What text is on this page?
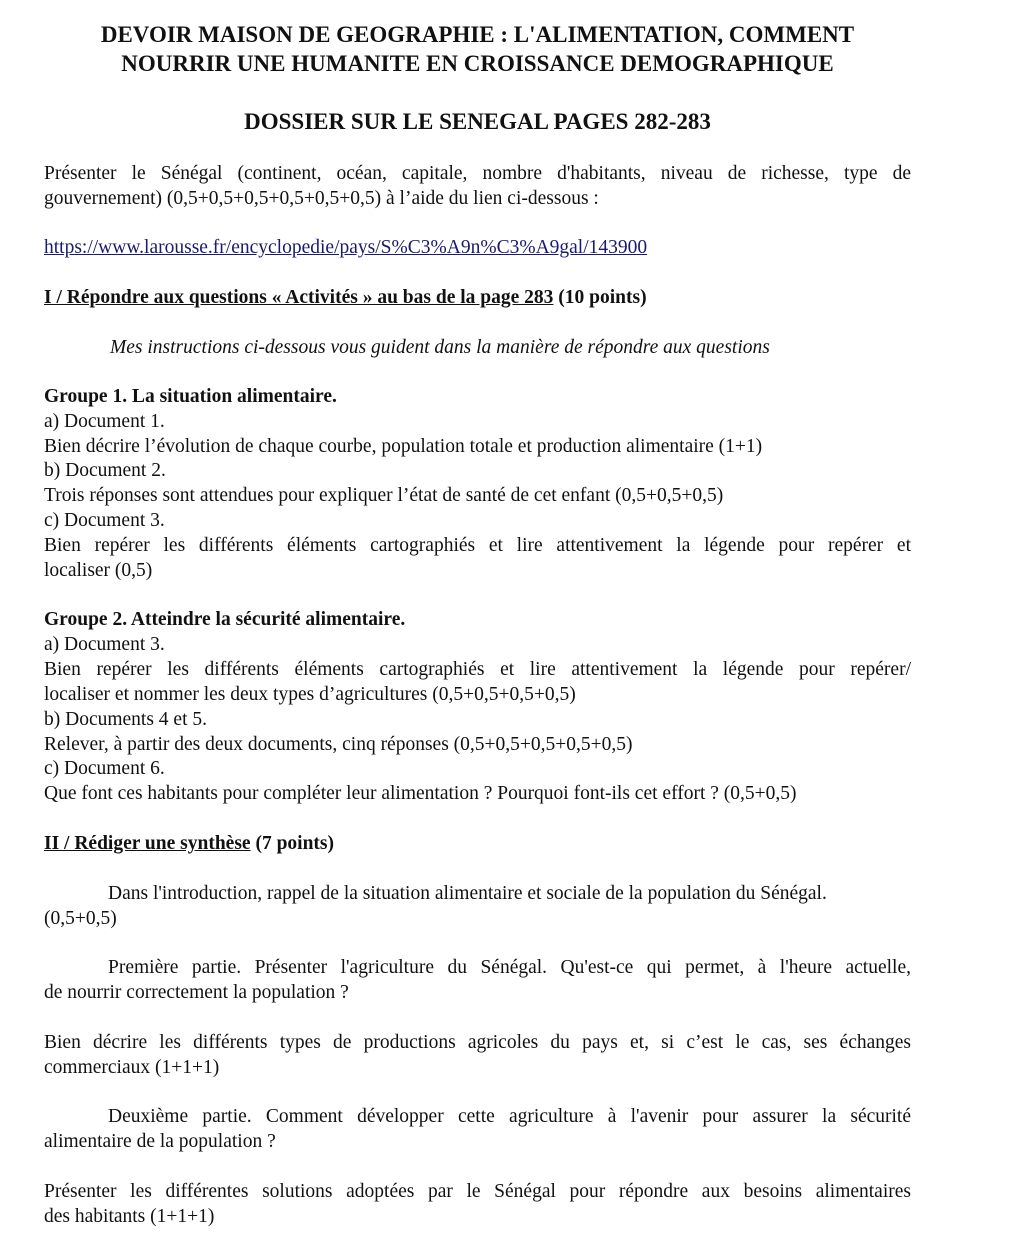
DEVOIR MAISON DE GEOGRAPHIE : L'ALIMENTATION, COMMENT
NOURRIR UNE HUMANITE EN CROISSANCE DEMOGRAPHIQUE
DOSSIER SUR LE SENEGAL PAGES 282-283
Présenter le Sénégal (continent, océan, capitale, nombre d'habitants, niveau de richesse, type de
gouvernement) (0,5+0,5+0,5+0,5+0,5+0,5) à l’aide du lien ci-dessous :
https://www.larousse.fr/encyclopedie/pays/S%C3%A9n%C3%A9gal/143900
I / Répondre aux questions « Activités » au bas de la page 283 (10 points)
Mes instructions ci-dessous vous guident dans la manière de répondre aux questions
Groupe 1. La situation alimentaire.
a) Document 1.
Bien décrire l’évolution de chaque courbe, population totale et production alimentaire (1+1)
b) Document 2.
Trois réponses sont attendues pour expliquer l’état de santé de cet enfant (0,5+0,5+0,5)
c) Document 3.
Bien repérer les différents éléments cartographiés et lire attentivement la légende pour repérer et
localiser (0,5)
Groupe 2. Atteindre la sécurité alimentaire.
a) Document 3.
Bien repérer les différents éléments cartographiés et lire attentivement la légende pour repérer/
localiser et nommer les deux types d’agricultures (0,5+0,5+0,5+0,5)
b) Documents 4 et 5.
Relever, à partir des deux documents, cinq réponses (0,5+0,5+0,5+0,5+0,5)
c) Document 6.
Que font ces habitants pour compléter leur alimentation ? Pourquoi font-ils cet effort ? (0,5+0,5)
II / Rédiger une synthèse (7 points)
Dans l'introduction, rappel de la situation alimentaire et sociale de la population du Sénégal.
(0,5+0,5)
Première partie. Présenter l'agriculture du Sénégal. Qu'est-ce qui permet, à l'heure actuelle,
de nourrir correctement la population ?
Bien décrire les différents types de productions agricoles du pays et, si c’est le cas, ses échanges
commerciaux (1+1+1)
Deuxième partie. Comment développer cette agriculture à l'avenir pour assurer la sécurité
alimentaire de la population ?
Présenter les différentes solutions adoptées par le Sénégal pour répondre aux besoins alimentaires
des habitants (1+1+1)
